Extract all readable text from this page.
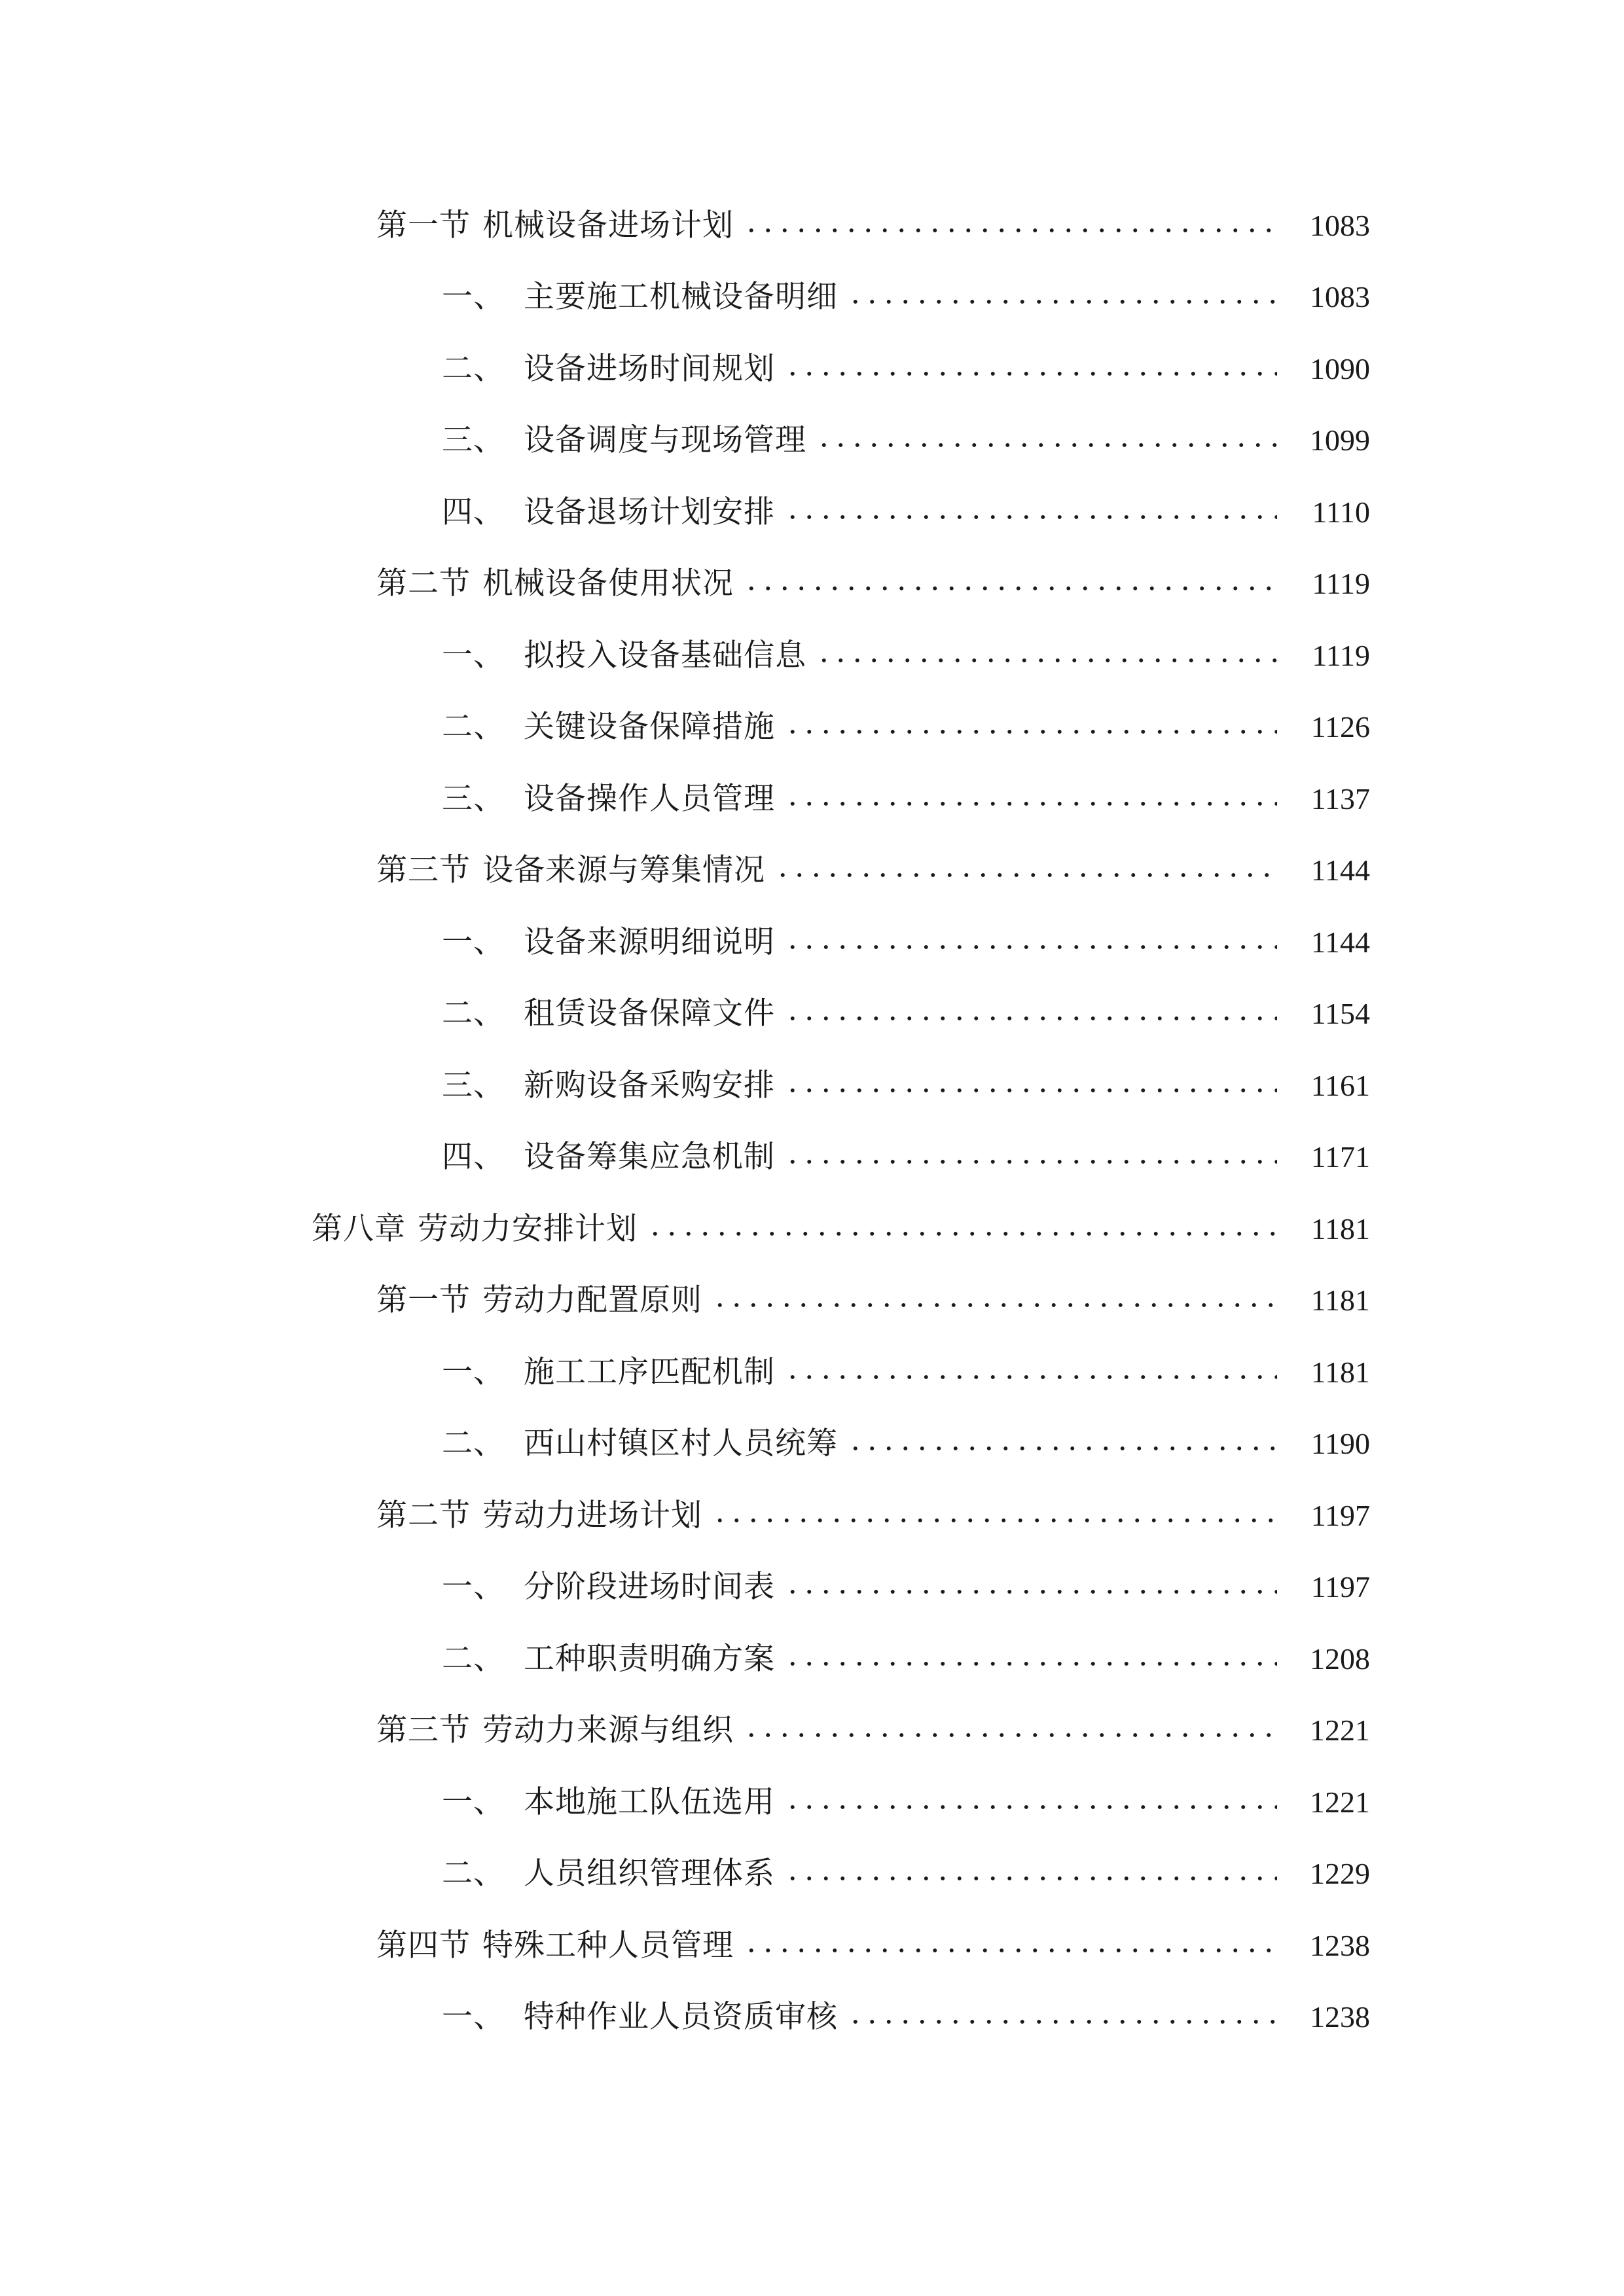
第一节 机械设备进场计划	1083
一、 主要施工机械设备明细	1083
二、 设备进场时间规划	1090
三、 设备调度与现场管理	1099
四、 设备退场计划安排	1110
第二节 机械设备使用状况	1119
一、 拟投入设备基础信息	1119
二、 关键设备保障措施	1126
三、 设备操作人员管理	1137
第三节 设备来源与筹集情况	1144
一、 设备来源明细说明	1144
二、 租赁设备保障文件	1154
三、 新购设备采购安排	1161
四、 设备筹集应急机制	1171
第八章 劳动力安排计划	1181
第一节 劳动力配置原则	1181
一、 施工工序匹配机制	1181
二、 西山村镇区村人员统筹	1190
第二节 劳动力进场计划	1197
一、 分阶段进场时间表	1197
二、 工种职责明确方案	1208
第三节 劳动力来源与组织	1221
一、 本地施工队伍选用	1221
二、 人员组织管理体系	1229
第四节 特殊工种人员管理	1238
一、 特种作业人员资质审核	1238
